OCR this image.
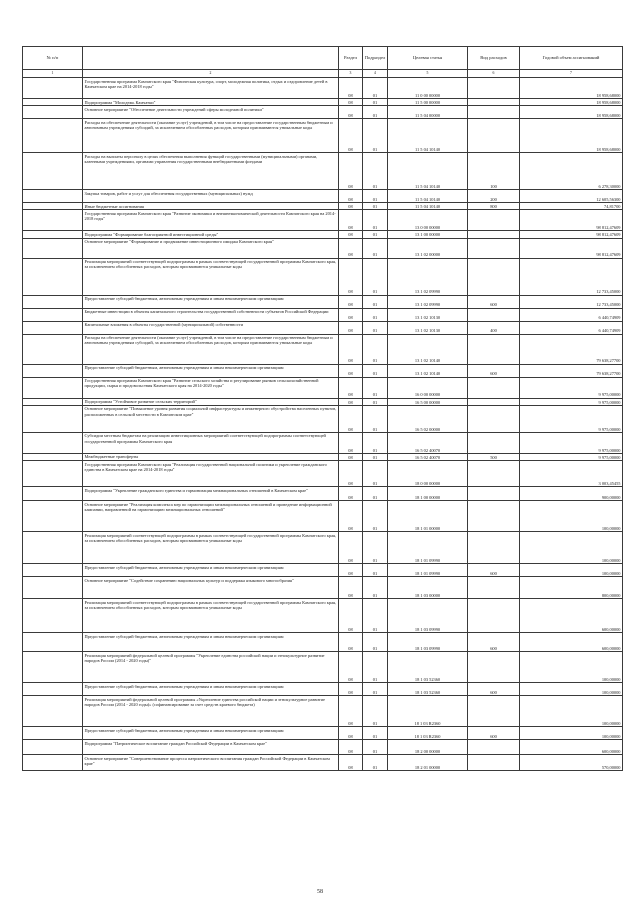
№ п/п		Раздел	Подраздел	Целевая статья	Вид расходов	Годовой объем ассигнований
1	2	3	4	5	6	7
	Государственная программа Камчатского края "Физическая культура, спорт, молодежная политика, отдых и оздоровление детей в Камчатском крае на 2014-2018 годы"	08	01	11 0 00 00000		18 958,68000
	Подпрограмма "Молодежь Камчатки"	08	01	11 5 00 00000		18 958,68000
	Основное мероприятие "Обеспечение деятельности учреждений сферы молодежной политики"	08	01	11 5 04 00000		18 958,68000
	Расходы на обеспечение деятельности (оказание услуг) учреждений, в том числе на предоставление государственным бюджетным и автономным учреждениям субсидий, за исключением обособленных расходов, которым присваиваются уникальные коды	08	01	11 5 04 10140		18 958,68000
	Расходы на выплаты персоналу в целях обеспечения выполнения функций государственными (муниципальными) органами, казенными учреждениями, органами управления государственными внебюджетными фондами	08	01	11 5 04 10140	100	6 278,30000
	Закупка товаров, работ и услуг для обеспечения государственных (муниципальных) нужд	08	01	11 5 04 10140	200	12 605,56300
	Иные бюджетные ассигнования	08	01	11 5 04 10140	800	74,81700
	Государственная программа Камчатского края "Развитие экономики и внешнеэкономической деятельности Камчатского края на 2014-2018 годы"	08	01	13 0 00 00000		98 812,47609
	Подпрограмма "Формирование благоприятной инвестиционной среды"	08	01	13 1 00 00000		98 812,47609
	Основное мероприятие "Формирование и продвижение инвестиционного имиджа Камчатского края"	08	01	13 1 02 00000		98 812,47609
	Реализация мероприятий соответствующей подпрограммы в рамках соответствующей государственной программы Камчатского края, за исключением обособленных расходов, которым присваиваются уникальные коды	08	01	13 1 02 09990		12 733,45000
	Предоставление субсидий бюджетным, автономным учреждениям и иным некоммерческим организациям	08	01	13 1 02 09990	600	12 733,45000
	Бюджетные инвестиции в объекты капитального строительства государственной собственности субъектов Российской Федерации	08	01	13 1 02 10130		6 440,74909
	Капитальные вложения в объекты государственной (муниципальной) собственности	08	01	13 1 02 10130	400	6 440,74909
	Расходы на обеспечение деятельности (оказание услуг) учреждений, в том числе на предоставление государственным бюджетным и автономным учреждениям субсидий, за исключением обособленных расходов, которым присваиваются уникальные коды	08	01	13 1 02 10140		79 638,27700
	Предоставление субсидий бюджетным, автономным учреждениям и иным некоммерческим организациям	08	01	13 1 02 10140	600	79 638,27700
	Государственная программа Камчатского края "Развитие сельского хозяйства и регулирование рынков сельскохозяйственной продукции, сырья и продовольствия Камчатского края на 2014-2020 годы"	08	01	16 0 00 00000		9 975,00000
	Подпрограмма "Устойчивое развитие сельских территорий"	08	01	16 5 00 00000		9 975,00000
	Основное мероприятие "Повышение уровня развития социальной инфраструктуры и инженерного обустройства населенных пунктов, расположенных в сельской местности в Камчатском крае"	08	01	16 5 02 00000		9 975,00000
	Субсидии местным бюджетам на реализацию инвестиционных мероприятий соответствующей подпрограммы соответствующей государственной программы Камчатского края	08	01	16 5 02 40070		9 975,00000
	Межбюджетные трансферты	08	01	16 5 02 40070	500	9 975,00000
	Государственная программа Камчатского края "Реализация государственной национальной политики и укрепление гражданского единства в Камчатском крае на 2014-2018 годы"	08	01	18 0 00 00000		3 003,45455
	Подпрограмма "Укрепление гражданского единства и гармонизация межнациональных отношений в Камчатском крае"	08	01	18 1 00 00000		900,00000
	Основное мероприятие "Реализация комплекса мер по гармонизации межнациональных отношений и проведение информационной кампании, направленной на гармонизацию межнациональных отношений"	08	01	18 1 01 00000		100,00000
	Реализация мероприятий соответствующей подпрограммы в рамках соответствующей государственной программы Камчатского края, за исключением обособленных расходов, которым присваиваются уникальные коды	08	01	18 1 01 09990		100,00000
	Предоставление субсидий бюджетным, автономным учреждениям и иным некоммерческим организациям	08	01	18 1 01 09990	600	100,00000
	Основное мероприятие "Содействие сохранению национальных культур и поддержка языкового многообразия"	08	01	18 1 03 00000		800,00000
	Реализация мероприятий соответствующей подпрограммы в рамках соответствующей государственной программы Камчатского края, за исключением обособленных расходов, которым присваиваются уникальные коды	08	01	18 1 03 09990		600,00000
	Предоставление субсидий бюджетным, автономным учреждениям и иным некоммерческим организациям	08	01	18 1 03 09990	600	600,00000
	Реализация мероприятий федеральной целевой программы "Укрепление единства российской нации и этнокультурное развитие народов России (2014 - 2020 годы)"	08	01	18 1 03 52360		100,00000
	Предоставление субсидий бюджетным, автономным учреждениям и иным некоммерческим организациям	08	01	18 1 03 52360	600	100,00000
	Реализация мероприятий федеральной целевой программы «Укрепление единства российской нации и этнокультурное развитие народов России (2014 - 2020 годы)» (софинансирование за счет средств краевого бюджета)	08	01	18 1 03 R2360		100,00000
	Предоставление субсидий бюджетным, автономным учреждениям и иным некоммерческим организациям	08	01	18 1 03 R2360	600	100,00000
	Подпрограмма "Патриотическое воспитание граждан Российской Федерации в Камчатском крае"	08	01	18 2 00 00000		600,00000
	Основное мероприятие "Совершенствование процесса патриотического воспитания граждан Российской Федерации в Камчатском крае"	08	01	18 2 01 00000		570,00000
58
